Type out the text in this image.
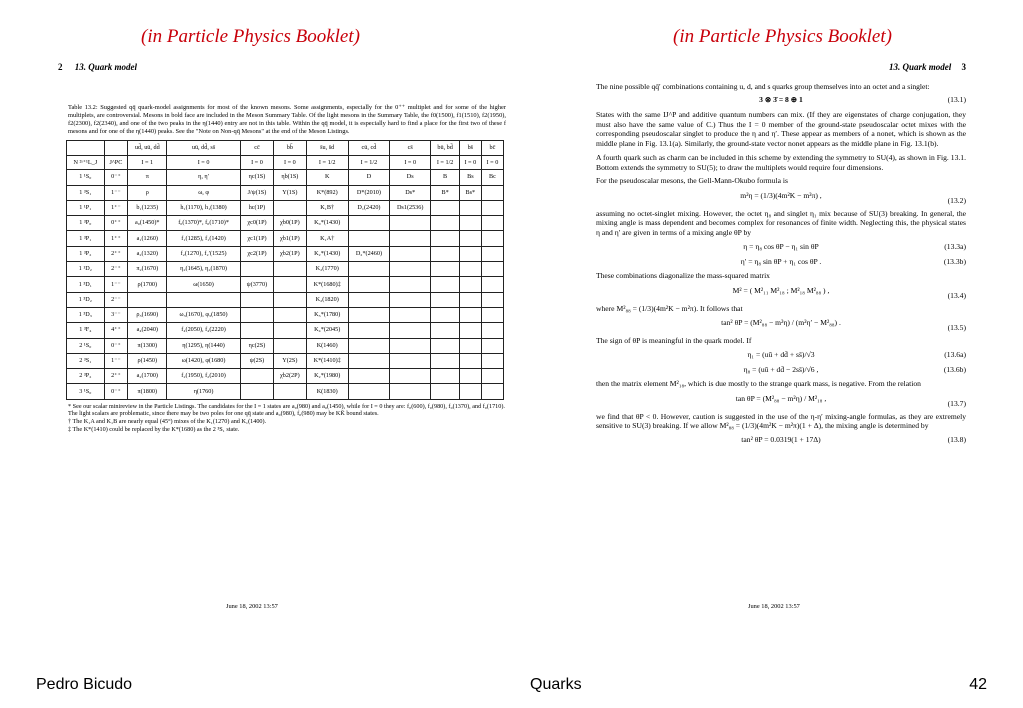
(in Particle Physics Booklet)	(in Particle Physics Booklet)
2 13. Quark model
Table 13.2: Suggested qq̄ quark-model assignments for most of the known mesons. Some assignments, especially for the 0⁺⁺ multiplet and for some of the higher multiplets, are controversial. Mesons in bold face are included in the Meson Summary Table. Of the light mesons in the Summary Table, the f0(1500), f1(1510), f2(1950), f2(2300), f2(2340), and one of the two peaks in the η(1440) entry are not in this table. Within the qq̄ model, it is especially hard to find a place for the first two of these f mesons and for one of the η(1440) peaks. See the "Note on Non-qq̄ Mesons" at the end of the Meson Listings.
		ud̄, uū, dd̄	uū, dd̄, ss̄	cc̄	bb̄	s̄u, s̄d	cū, cd̄	cs̄	bū, bd̄	bs̄	bc̄
N ²ˢ⁺¹L_J	J^PC	I = 1	I = 0	I = 0	I = 0	I = 1/2	I = 1/2	I = 0	I = 1/2	I = 0	I = 0
1 ¹S₀	0⁻⁺	π	η, η′	ηc(1S)	ηb(1S)	K	D	Ds	B	Bs	Bc
1 ³S₁	1⁻⁻	ρ	ω, φ	J/ψ(1S)	Υ(1S)	K*(892)	D*(2010)	Ds*	B*	Bs*	
1 ¹P₁	1⁺⁻	b₁(1235)	h₁(1170), h₁(1380)	hc(1P)		K₁B†	D₁(2420)	Ds1(2536)			
1 ³P₀	0⁺⁺	a₀(1450)*	f₀(1370)*, f₀(1710)*	χc0(1P)	χb0(1P)	K₀*(1430)					
1 ³P₁	1⁺⁺	a₁(1260)	f₁(1285), f₁(1420)	χc1(1P)	χb1(1P)	K₁A†					
1 ³P₂	2⁺⁺	a₂(1320)	f₂(1270), f₂′(1525)	χc2(1P)	χb2(1P)	K₂*(1430)	D₂*(2460)				
1 ¹D₂	2⁻⁺	π₂(1670)	η₂(1645), η₂(1870)			K₂(1770)					
1 ³D₁	1⁻⁻	ρ(1700)	ω(1650)	ψ(3770)		K*(1680)‡					
1 ³D₂	2⁻⁻					K₂(1820)					
1 ³D₃	3⁻⁻	ρ₃(1690)	ω₃(1670), φ₃(1850)			K₃*(1780)					
1 ³F₄	4⁺⁺	a₄(2040)	f₄(2050), f₄(2220)			K₄*(2045)					
2 ¹S₀	0⁻⁺	π(1300)	η(1295), η(1440)	ηc(2S)		K(1460)					
2 ³S₁	1⁻⁻	ρ(1450)	ω(1420), φ(1680)	ψ(2S)	Υ(2S)	K*(1410)‡					
2 ³P₂	2⁺⁺	a₂(1700)	f₂(1950), f₂(2010)		χb2(2P)	K₂*(1980)					
3 ¹S₀	0⁻⁺	π(1800)	η(1760)			K(1830)					
* See our scalar minireview in the Particle Listings. The candidates for the I = 1 states are a₀(980) and a₀(1450), while for I = 0 they are: f₀(600), f₀(980), f₀(1370), and f₀(1710). The light scalars are problematic, since there may be two poles for one qq̄ state and a₀(980), f₀(980) may be KK̄ bound states.
† The K₁A and K₁B are nearly equal (45°) mixes of the K₁(1270) and K₁(1400).
‡ The K*(1410) could be replaced by the K*(1680) as the 2 ³S₁ state.
June 18, 2002 13:57
13. Quark model 3

The nine possible qq̄′ combinations containing u, d, and s quarks group themselves into an octet and a singlet:

3 ⊗ 3̄ = 8 ⊕ 1	(13.1)

States with the same IJ^P and additive quantum numbers can mix. (If they are eigenstates of charge conjugation, they must also have the same value of C.) Thus the I = 0 member of the ground-state pseudoscalar octet mixes with the corresponding pseudoscalar singlet to produce the η and η′. These appear as members of a nonet, which is shown as the middle plane in Fig. 13.1(a). Similarly, the ground-state vector nonet appears as the middle plane in Fig. 13.1(b).

A fourth quark such as charm can be included in this scheme by extending the symmetry to SU(4), as shown in Fig. 13.1. Bottom extends the symmetry to SU(5); to draw the multiplets would require four dimensions.

For the pseudoscalar mesons, the Gell-Mann-Okubo formula is

m²η = (1/3)(4m²K − m²π) ,
(13.2)

assuming no octet-singlet mixing. However, the octet η₈ and singlet η₁ mix because of SU(3) breaking. In general, the mixing angle is mass dependent and becomes complex for resonances of finite width. Neglecting this, the physical states η and η′ are given in terms of a mixing angle θP by

η = η₈ cos θP − η₁ sin θP	(13.3a)
η′ = η₈ sin θP + η₁ cos θP .	(13.3b)

These combinations diagonalize the mass-squared matrix

M² = ( M²₁₁ M²₁₈ ; M²₁₈ M²₈₈ ) ,
(13.4)

where M²₈₈ = (1/3)(4m²K − m²π). It follows that

tan² θP = (M²₈₈ − m²η) / (m²η′ − M²₈₈) .
(13.5)

The sign of θP is meaningful in the quark model. If

η₁ = (uū + dd̄ + ss̄)/√3	(13.6a)
η₈ = (uū + dd̄ − 2ss̄)/√6 ,	(13.6b)

then the matrix element M²₁₈, which is due mostly to the strange quark mass, is negative. From the relation

tan θP = (M²₈₈ − m²η) / M²₁₈ ,
(13.7)

we find that θP < 0. However, caution is suggested in the use of the η-η′ mixing-angle formulas, as they are extremely sensitive to SU(3) breaking. If we allow M²₈₈ = (1/3)(4m²K − m²π)(1 + Δ), the mixing angle is determined by

tan² θP = 0.0319(1 + 17Δ)	(13.8)
June 18, 2002 13:57
Pedro Bicudo	Quarks	42
